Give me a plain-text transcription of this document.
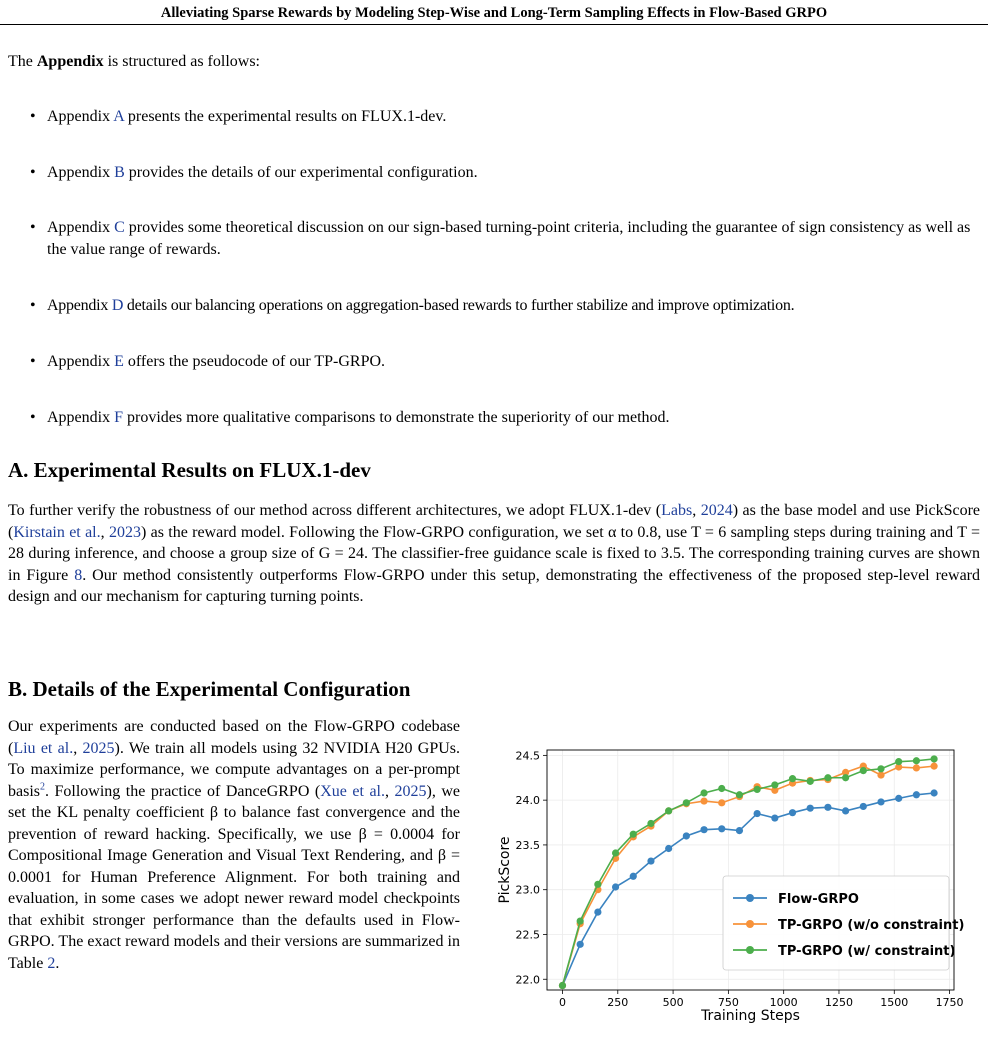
Alleviating Sparse Rewards by Modeling Step-Wise and Long-Term Sampling Effects in Flow-Based GRPO
The Appendix is structured as follows:
• Appendix A presents the experimental results on FLUX.1-dev.
• Appendix B provides the details of our experimental configuration.
• Appendix C provides some theoretical discussion on our sign-based turning-point criteria, including the guarantee of sign consistency as well as the value range of rewards.
• Appendix D details our balancing operations on aggregation-based rewards to further stabilize and improve optimization.
• Appendix E offers the pseudocode of our TP-GRPO.
• Appendix F provides more qualitative comparisons to demonstrate the superiority of our method.
A. Experimental Results on FLUX.1-dev
To further verify the robustness of our method across different architectures, we adopt FLUX.1-dev (Labs, 2024) as the base model and use PickScore (Kirstain et al., 2023) as the reward model. Following the Flow-GRPO configuration, we set α to 0.8, use T = 6 sampling steps during training and T = 28 during inference, and choose a group size of G = 24. The classifier-free guidance scale is fixed to 3.5. The corresponding training curves are shown in Figure 8. Our method consistently outperforms Flow-GRPO under this setup, demonstrating the effectiveness of the proposed step-level reward design and our mechanism for capturing turning points.
B. Details of the Experimental Configuration
Our experiments are conducted based on the Flow-GRPO codebase (Liu et al., 2025). We train all models using 32 NVIDIA H20 GPUs. To maximize performance, we compute advantages on a per-prompt basis$^2$. Following the practice of DanceGRPO (Xue et al., 2025), we set the KL penalty coefficient β to balance fast convergence and the prevention of reward hacking. Specifically, we use β = 0.0004 for Compositional Image Generation and Visual Text Rendering, and β = 0.0001 for Human Preference Alignment. For both training and evaluation, in some cases we adopt newer reward model checkpoints that exhibit stronger performance than the defaults used in Flow-GRPO. The exact reward models and their versions are summarized in Table 2.
0	250	500	750	1000 1250 1500 1750
22.0
22.5
23.0
23.5
24.0
24.5
Training Steps
PickScore	Flow-GRPO
TP-GRPO (w/o constraint)
TP-GRPO (w/ constraint)
